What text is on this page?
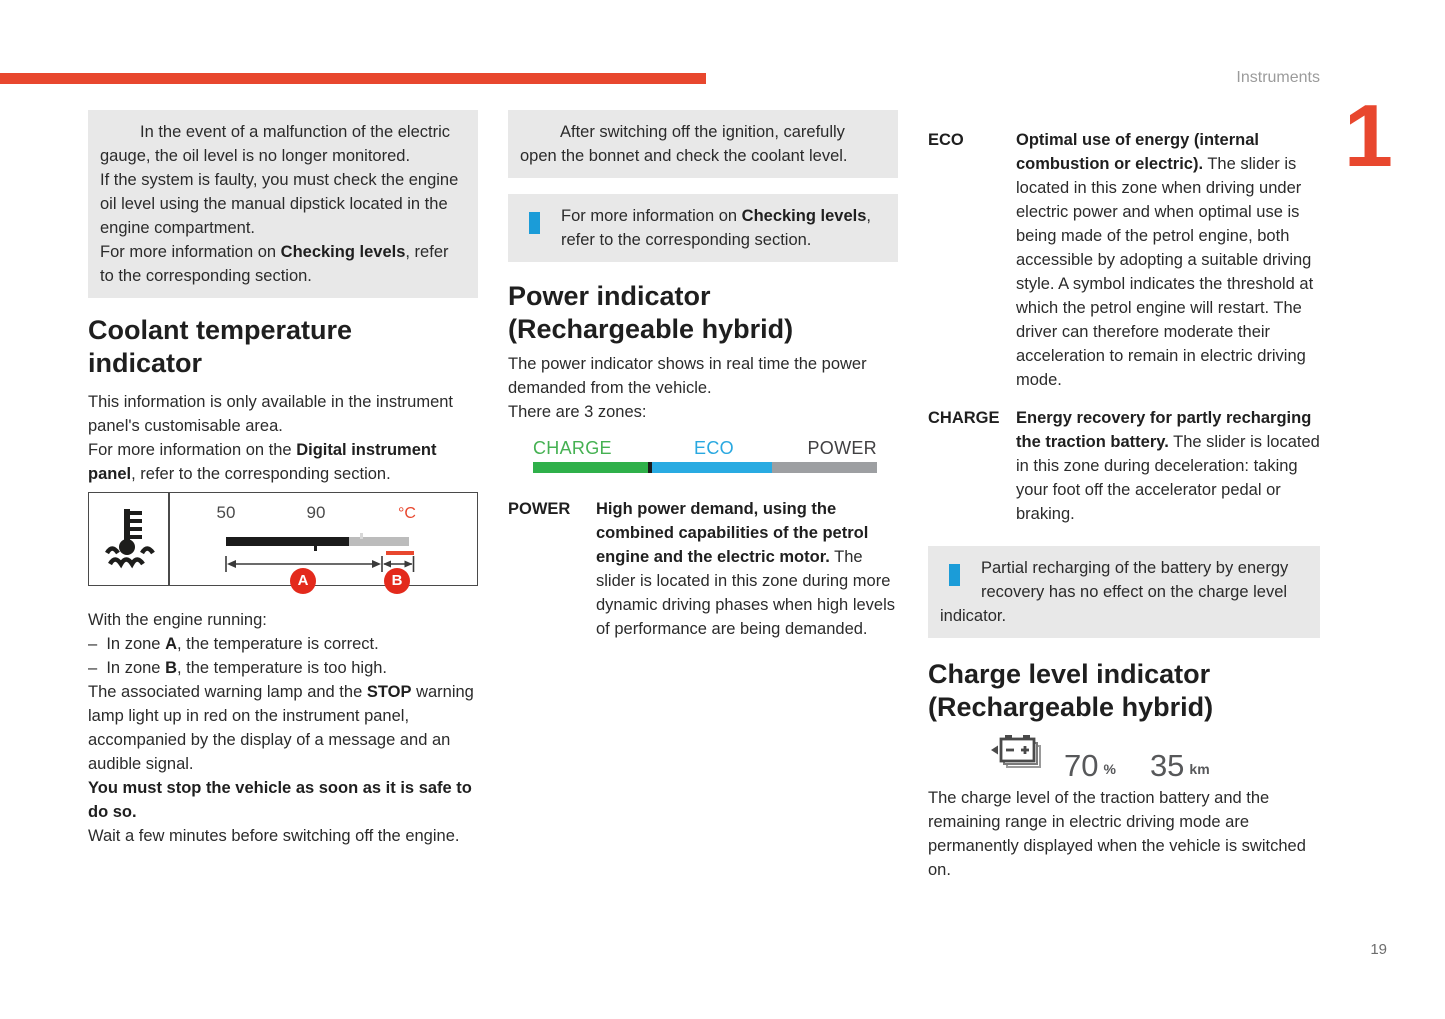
Instruments
1
19
In the event of a malfunction of the electric gauge, the oil level is no longer monitored.
If the system is faulty, you must check the engine oil level using the manual dipstick located in the engine compartment.
For more information on Checking levels, refer to the corresponding section.
Coolant temperature
indicator
This information is only available in the instrument panel's customisable area.
For more information on the Digital instrument panel, refer to the corresponding section.
50	90	°C
A	B
With the engine running:
–  In zone A, the temperature is correct.
–  In zone B, the temperature is too high.
The associated warning lamp and the STOP warning lamp light up in red on the instrument panel, accompanied by the display of a message and an audible signal.
You must stop the vehicle as soon as it is safe to do so.
Wait a few minutes before switching off the engine.
After switching off the ignition, carefully open the bonnet and check the coolant level.
For more information on Checking levels, refer to the corresponding section.
Power indicator
(Rechargeable hybrid)
The power indicator shows in real time the power demanded from the vehicle.
There are 3 zones:
CHARGE	ECO	POWER
POWER	High power demand, using the combined capabilities of the petrol engine and the electric motor. The slider is located in this zone during more dynamic driving phases when high levels of performance are being demanded.
ECO	Optimal use of energy (internal combustion or electric). The slider is located in this zone when driving under electric power and when optimal use is being made of the petrol engine, both accessible by adopting a suitable driving style. A symbol indicates the threshold at which the petrol engine will restart. The driver can therefore moderate their acceleration to remain in electric driving mode.
CHARGE Energy recovery for partly recharging the traction battery. The slider is located in this zone during deceleration: taking your foot off the accelerator pedal or braking.
Partial recharging of the battery by energy recovery has no effect on the charge level indicator.
Charge level indicator
(Rechargeable hybrid)
70 % 35 km
The charge level of the traction battery and the remaining range in electric driving mode are permanently displayed when the vehicle is switched on.
